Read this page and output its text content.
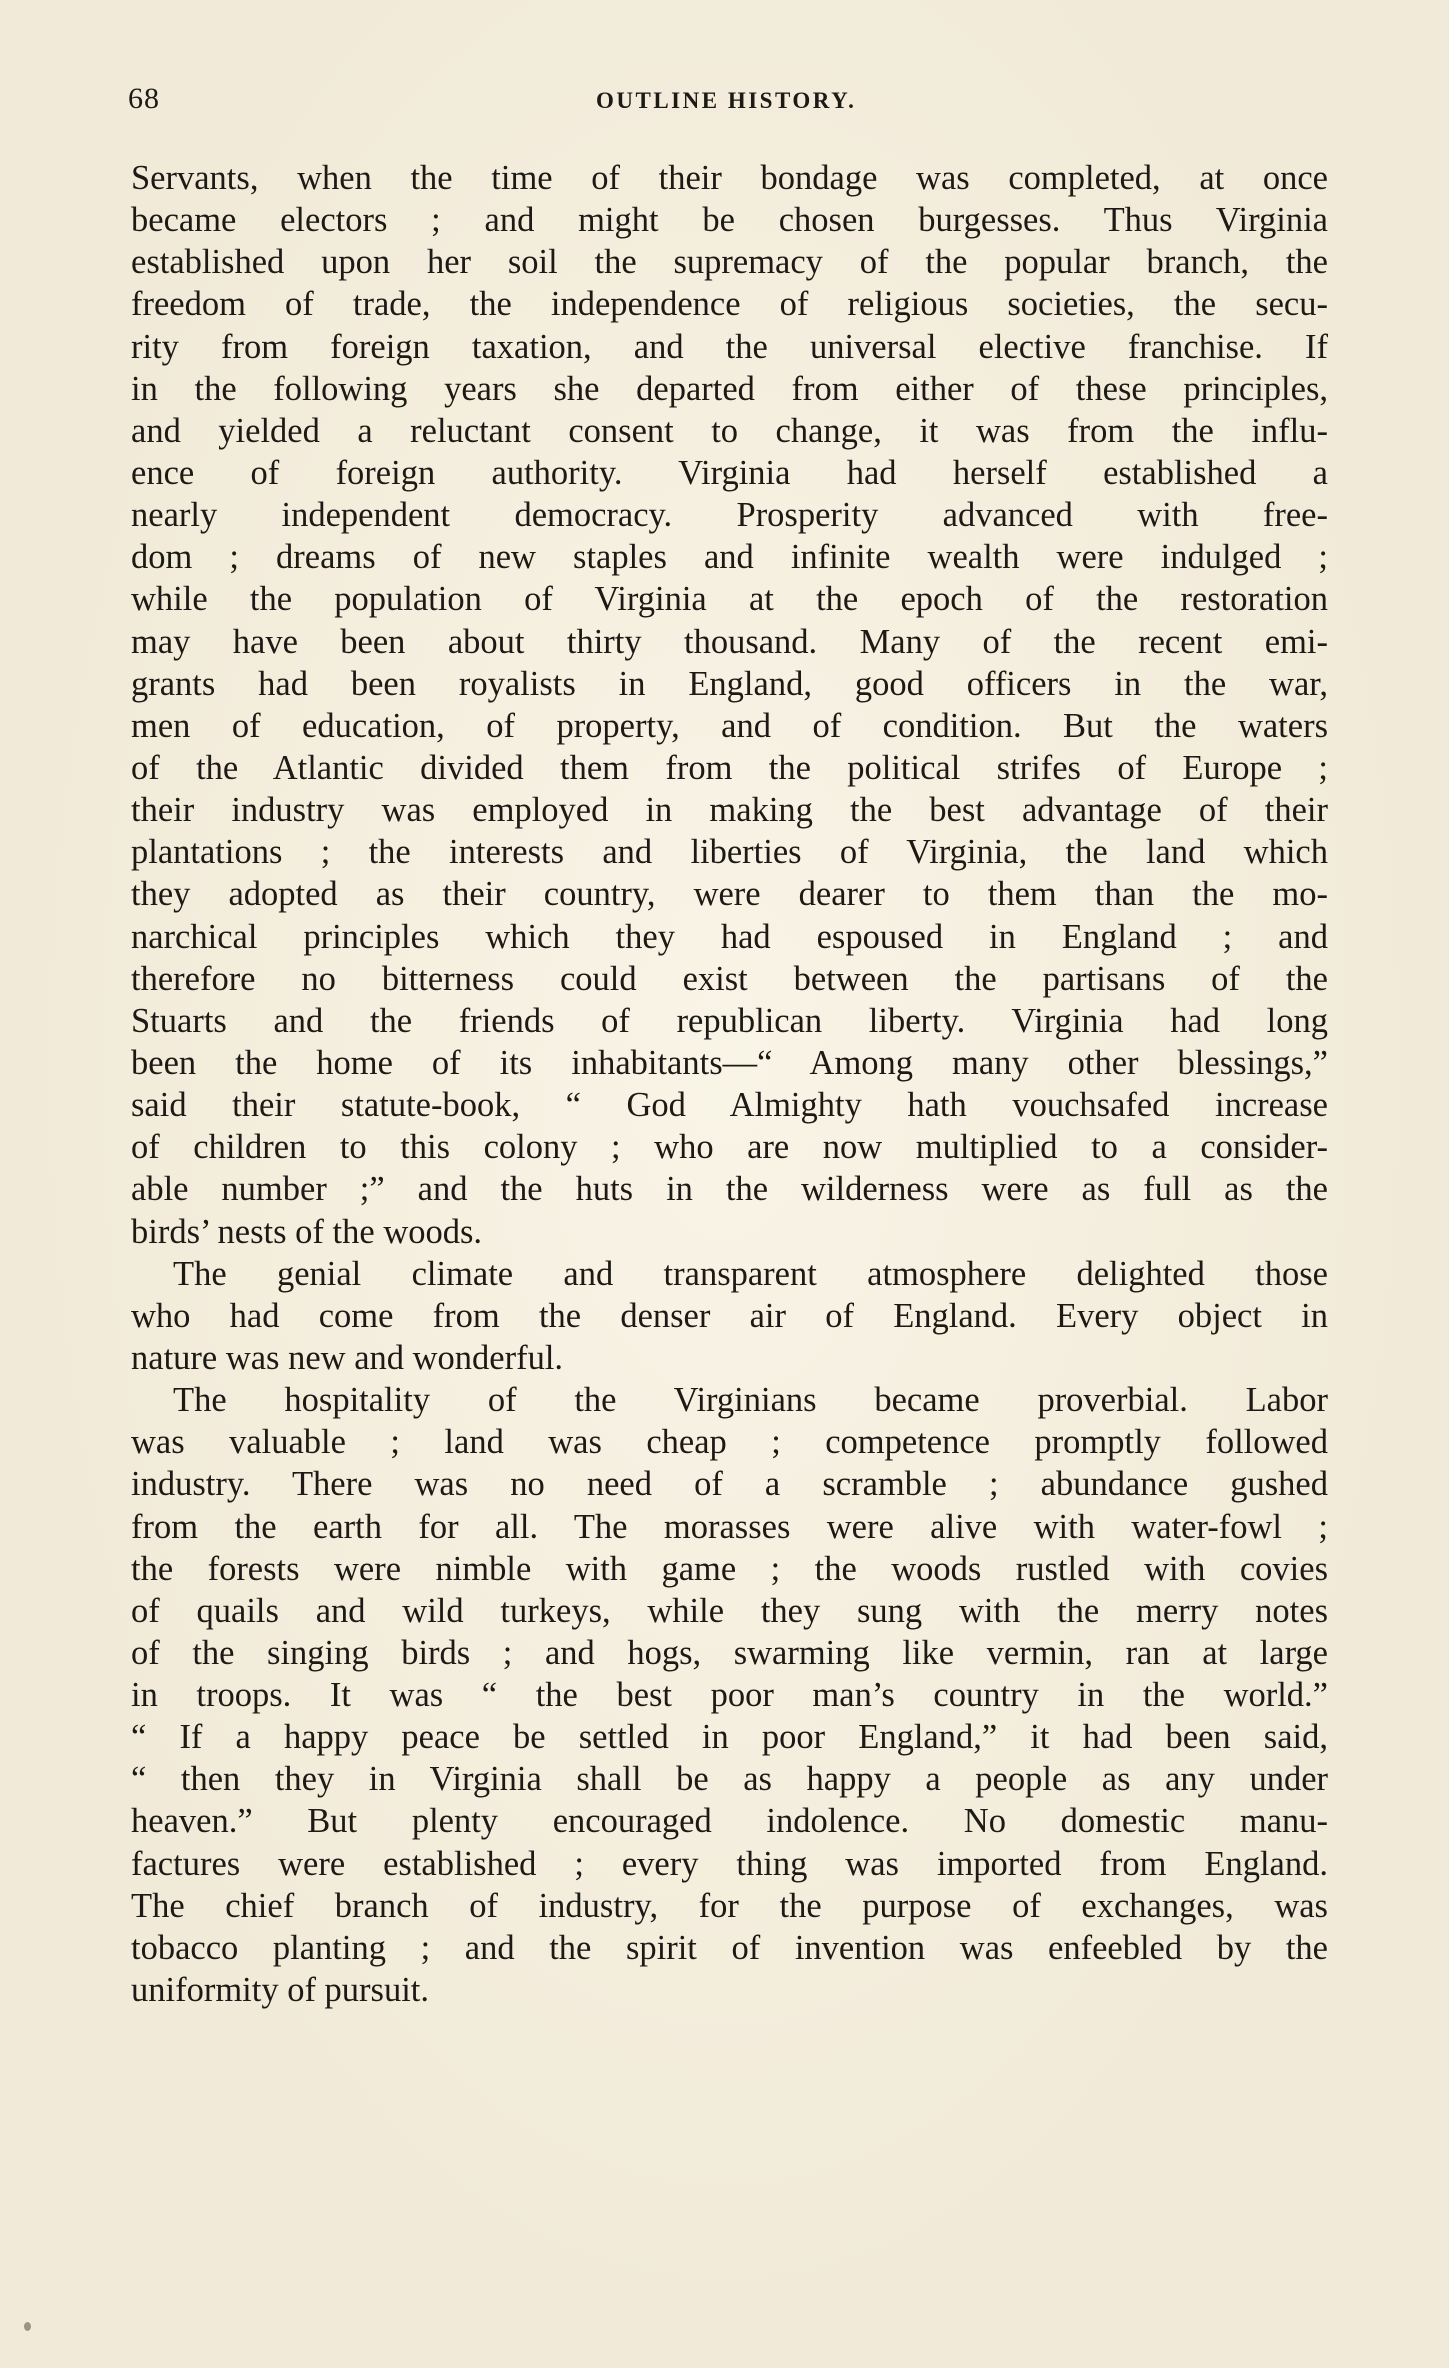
68	OUTLINE HISTORY.
Servants, when the time of their bondage was completed, at once
became electors ; and might be chosen burgesses. Thus Virginia
established upon her soil the supremacy of the popular branch, the
freedom of trade, the independence of religious societies, the secu-
rity from foreign taxation, and the universal elective franchise. If
in the following years she departed from either of these principles,
and yielded a reluctant consent to change, it was from the influ-
ence of foreign authority. Virginia had herself established a
nearly independent democracy. Prosperity advanced with free-
dom ; dreams of new staples and infinite wealth were indulged ;
while the population of Virginia at the epoch of the restoration
may have been about thirty thousand. Many of the recent emi-
grants had been royalists in England, good officers in the war,
men of education, of property, and of condition. But the waters
of the Atlantic divided them from the political strifes of Europe ;
their industry was employed in making the best advantage of their
plantations ; the interests and liberties of Virginia, the land which
they adopted as their country, were dearer to them than the mo-
narchical principles which they had espoused in England ; and
therefore no bitterness could exist between the partisans of the
Stuarts and the friends of republican liberty. Virginia had long
been the home of its inhabitants—“ Among many other blessings,”
said their statute-book, “ God Almighty hath vouchsafed increase
of children to this colony ; who are now multiplied to a consider-
able number ;” and the huts in the wilderness were as full as the
birds’ nests of the woods.
The genial climate and transparent atmosphere delighted those
who had come from the denser air of England. Every object in
nature was new and wonderful.
The hospitality of the Virginians became proverbial. Labor
was valuable ; land was cheap ; competence promptly followed
industry. There was no need of a scramble ; abundance gushed
from the earth for all. The morasses were alive with water-fowl ;
the forests were nimble with game ; the woods rustled with covies
of quails and wild turkeys, while they sung with the merry notes
of the singing birds ; and hogs, swarming like vermin, ran at large
in troops. It was “ the best poor man’s country in the world.”
“ If a happy peace be settled in poor England,” it had been said,
“ then they in Virginia shall be as happy a people as any under
heaven.” But plenty encouraged indolence. No domestic manu-
factures were established ; every thing was imported from England.
The chief branch of industry, for the purpose of exchanges, was
tobacco planting ; and the spirit of invention was enfeebled by the
uniformity of pursuit.
